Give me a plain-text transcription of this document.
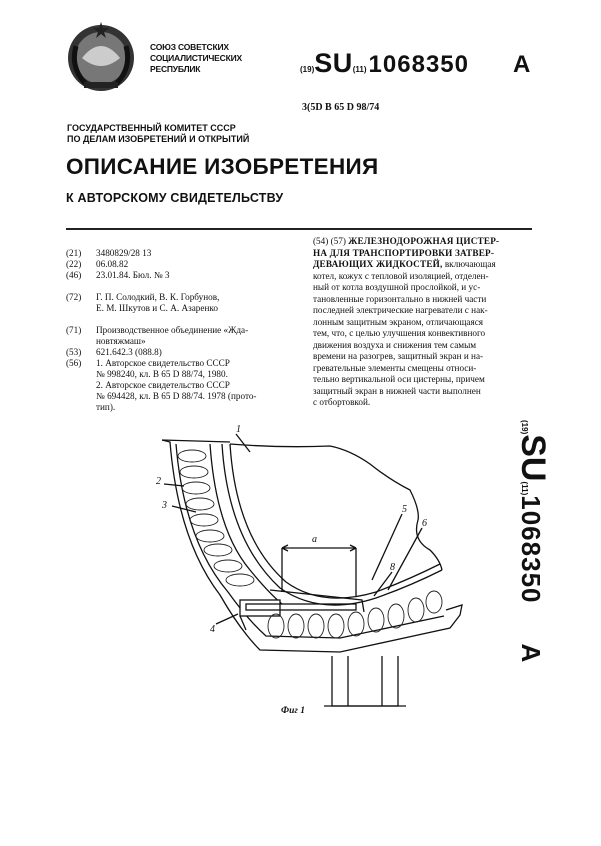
СОЮЗ СОВЕТСКИХ
СОЦИАЛИСТИЧЕСКИХ
РЕСПУБЛИК	(19) SU (11) 1068350 A
3(5D B 65 D 98/74
ГОСУДАРСТВЕННЫЙ КОМИТЕТ СССР
ПО ДЕЛАМ ИЗОБРЕТЕНИЙ И ОТКРЫТИЙ
ОПИСАНИЕ ИЗОБРЕТЕНИЯ
К АВТОРСКОМУ СВИДЕТЕЛЬСТВУ
(21) 3480829/28 13
(22) 06.08.82
(46) 23.01.84. Бюл. № 3
(72) Г. П. Солодкий, В. К. Горбунов,
Е. М. Шкутов и С. А. Азаренко
(71) Производственное объединение «Жда-
новтяжмаш»
(53) 621.642.3 (088.8)
(56) 1. Авторское свидетельство СССР
№ 998240, кл. В 65 D 88/74, 1980.
2. Авторское свидетельство СССР
№ 694428, кл. В 65 D 88/74. 1978 (прото-
тип).
(54) (57) ЖЕЛЕЗНОДОРОЖНАЯ ЦИСТЕР-
НА ДЛЯ ТРАНСПОРТИРОВКИ ЗАТВЕР-
ДЕВАЮЩИХ ЖИДКОСТЕЙ, включающая
котел, кожух с тепловой изоляцией, отделен-
ный от котла воздушной прослойкой, и ус-
тановленные горизонтально в нижней части
последней электрические нагреватели с нак-
лонным защитным экраном, отличающаяся
тем, что, с целью улучшения конвективного
движения воздуха и снижения тем самым
времени на разогрев, защитный экран и на-
гревательные элементы смещены относи-
тельно вертикальной оси цистерны, причем
защитный экран в нижней части выполнен
с отбортовкой.
(19)
SU
(11)
1068350
A
1
2
3
4
5
6
8
а
Фиг 1
